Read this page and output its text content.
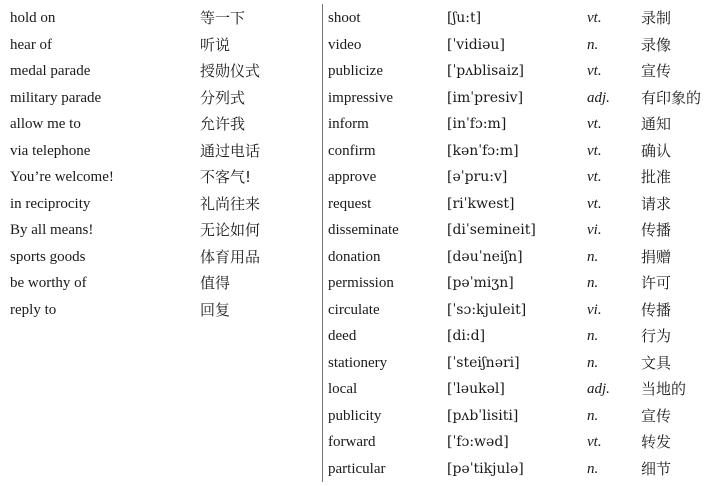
hold on	等一下
hear of	听说
medal parade	授勋仪式
military parade	分列式
allow me to	允许我
via telephone	通过电话
You’re welcome!	不客气!
in reciprocity	礼尚往来
By all means!	无论如何
sports goods	体育用品
be worthy of	值得
reply to	回复
shoot	[ʃu:t]	vt.	录制
video	[ˈvidiəu]	n.	录像
publicize	[ˈpʌblisaiz]	vt.	宣传
impressive	[imˈpresiv]	adj. 有印象的
inform	[inˈfɔ:m]	vt.	通知
confirm	[kənˈfɔ:m]	vt.	确认
approve	[əˈpru:v]	vt.	批准
request	[riˈkwest]	vt.	请求
disseminate	[diˈsemineit]	vi.	传播
donation	[dəuˈneiʃn]	n.	捐赠
permission	[pəˈmiʒn]	n.	许可
circulate	[ˈsɔ:kjuleit]	vi.	传播
deed	[di:d]	n.	行为
stationery	[ˈsteiʃnəri]	n.	文具
local	[ˈləukəl]	adj. 当地的
publicity	[pʌbˈlisiti]	n.	宣传
forward	[ˈfɔ:wəd]	vt.	转发
particular	[pəˈtikjulə]	n.	细节
